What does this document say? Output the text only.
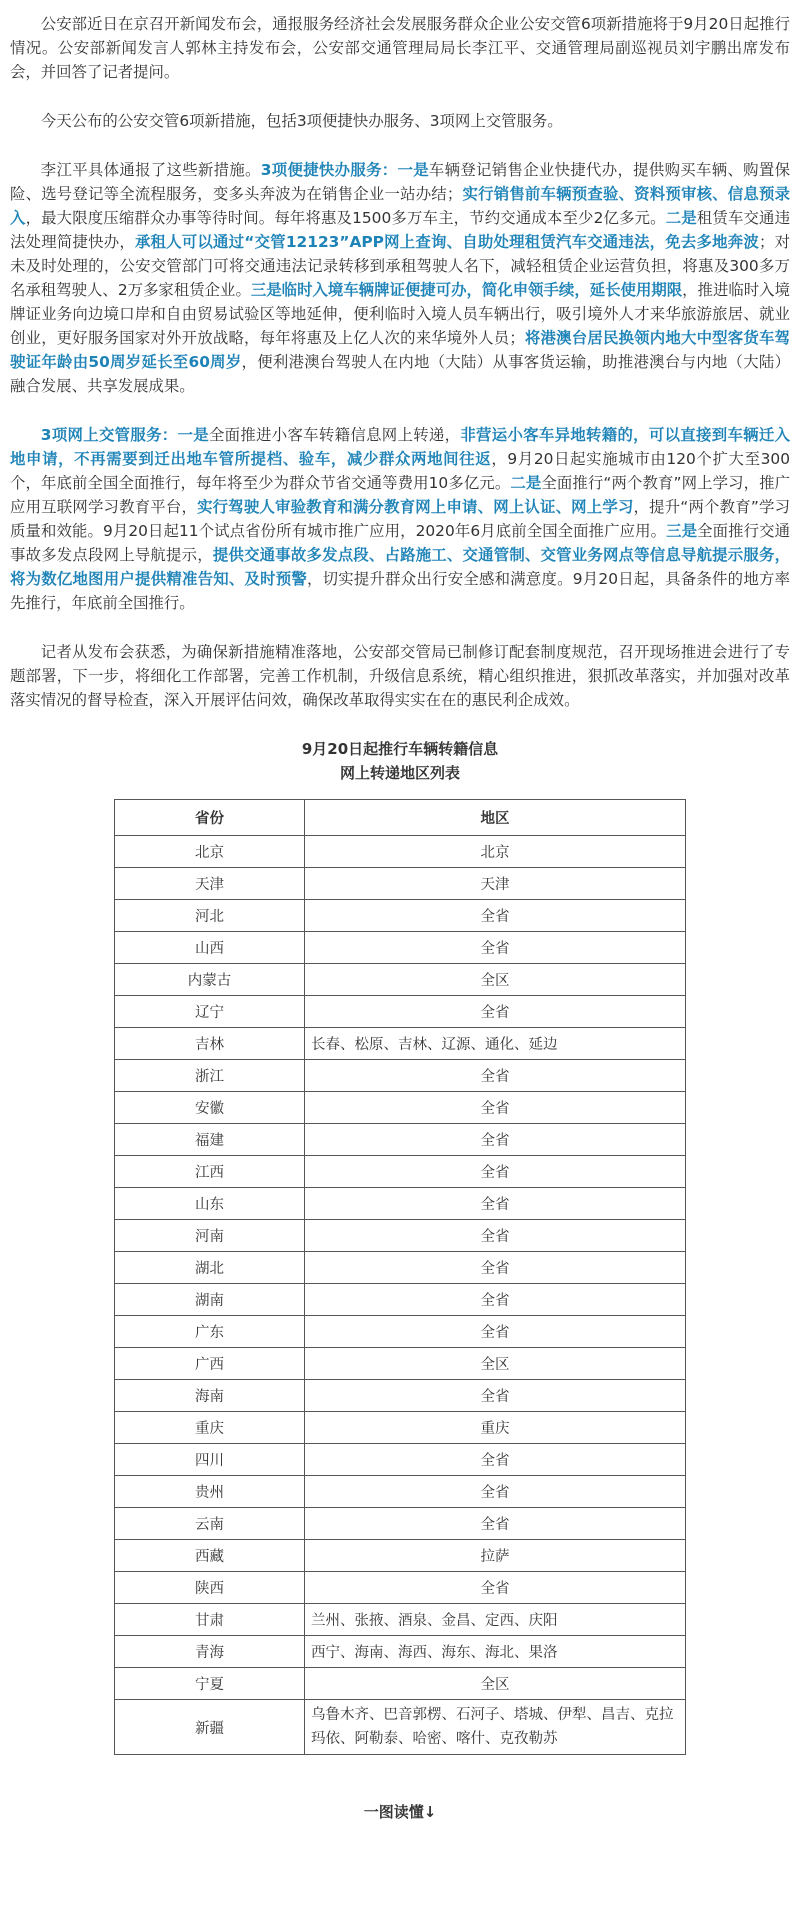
公安部近日在京召开新闻发布会，通报服务经济社会发展服务群众企业公安交管6项新措施将于9月20日起推行情况。公安部新闻发言人郭林主持发布会，公安部交通管理局局长李江平、交通管理局副巡视员刘宇鹏出席发布会，并回答了记者提问。

今天公布的公安交管6项新措施，包括3项便捷快办服务、3项网上交管服务。

李江平具体通报了这些新措施。3项便捷快办服务：一是车辆登记销售企业快捷代办，提供购买车辆、购置保险、选号登记等全流程服务，变多头奔波为在销售企业一站办结；实行销售前车辆预查验、资料预审核、信息预录入，最大限度压缩群众办事等待时间。每年将惠及1500多万车主，节约交通成本至少2亿多元。二是租赁车交通违法处理简捷快办，承租人可以通过“交管12123”APP网上查询、自助处理租赁汽车交通违法，免去多地奔波；对未及时处理的，公安交管部门可将交通违法记录转移到承租驾驶人名下，减轻租赁企业运营负担，将惠及300多万名承租驾驶人、2万多家租赁企业。三是临时入境车辆牌证便捷可办，简化申领手续，延长使用期限，推进临时入境牌证业务向边境口岸和自由贸易试验区等地延伸，便利临时入境人员车辆出行，吸引境外人才来华旅游旅居、就业创业，更好服务国家对外开放战略，每年将惠及上亿人次的来华境外人员；将港澳台居民换领内地大中型客货车驾驶证年龄由50周岁延长至60周岁，便利港澳台驾驶人在内地（大陆）从事客货运输，助推港澳台与内地（大陆）融合发展、共享发展成果。

3项网上交管服务：一是全面推进小客车转籍信息网上转递，非营运小客车异地转籍的，可以直接到车辆迁入地申请，不再需要到迁出地车管所提档、验车，减少群众两地间往返，9月20日起实施城市由120个扩大至300个，年底前全国全面推行，每年将至少为群众节省交通等费用10多亿元。二是全面推行“两个教育”网上学习，推广应用互联网学习教育平台，实行驾驶人审验教育和满分教育网上申请、网上认证、网上学习，提升“两个教育”学习质量和效能。9月20日起11个试点省份所有城市推广应用，2020年6月底前全国全面推广应用。三是全面推行交通事故多发点段网上导航提示，提供交通事故多发点段、占路施工、交通管制、交管业务网点等信息导航提示服务，将为数亿地图用户提供精准告知、及时预警，切实提升群众出行安全感和满意度。9月20日起，具备条件的地方率先推行，年底前全国推行。

记者从发布会获悉，为确保新措施精准落地，公安部交管局已制修订配套制度规范，召开现场推进会进行了专题部署，下一步，将细化工作部署，完善工作机制，升级信息系统，精心组织推进，狠抓改革落实，并加强对改革落实情况的督导检查，深入开展评估问效，确保改革取得实实在在的惠民利企成效。

9月20日起推行车辆转籍信息
网上转递地区列表
省份	地区
北京	北京
天津	天津
河北	全省
山西	全省
内蒙古	全区
辽宁	全省
吉林	长春、松原、吉林、辽源、通化、延边
浙江	全省
安徽	全省
福建	全省
江西	全省
山东	全省
河南	全省
湖北	全省
湖南	全省
广东	全省
广西	全区
海南	全省
重庆	重庆
四川	全省
贵州	全省
云南	全省
西藏	拉萨
陕西	全省
甘肃	兰州、张掖、酒泉、金昌、定西、庆阳
青海	西宁、海南、海西、海东、海北、果洛
宁夏	全区
新疆	乌鲁木齐、巴音郭楞、石河子、塔城、伊犁、昌吉、克拉玛依、阿勒泰、哈密、喀什、克孜勒苏
一图读懂↓
